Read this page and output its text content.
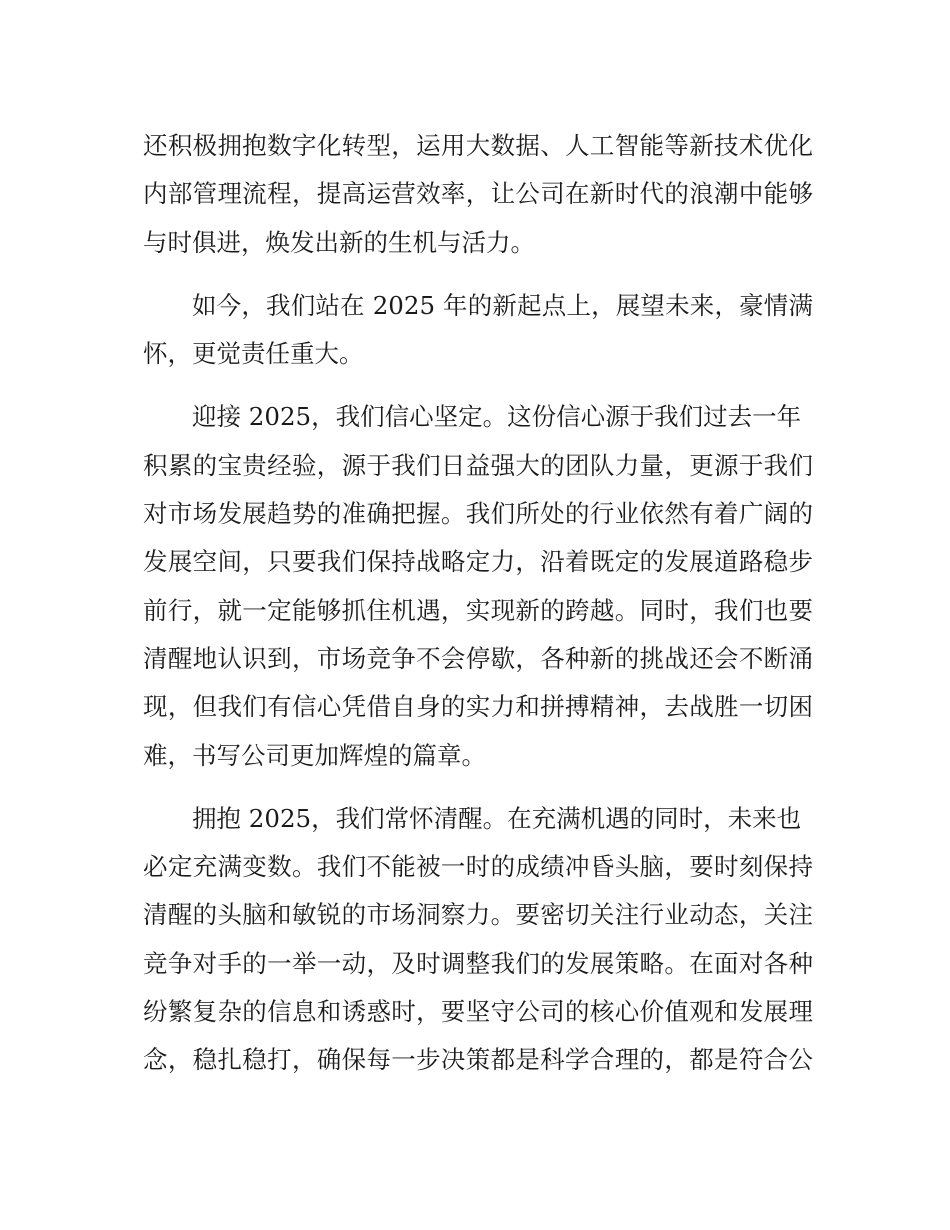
还积极拥抱数字化转型，运用大数据、人工智能等新技术优化
内部管理流程，提高运营效率，让公司在新时代的浪潮中能够
与时俱进，焕发出新的生机与活力。

如今，我们站在 2025 年的新起点上，展望未来，豪情满
怀，更觉责任重大。

迎接 2025，我们信心坚定。这份信心源于我们过去一年
积累的宝贵经验，源于我们日益强大的团队力量，更源于我们
对市场发展趋势的准确把握。我们所处的行业依然有着广阔的
发展空间，只要我们保持战略定力，沿着既定的发展道路稳步
前行，就一定能够抓住机遇，实现新的跨越。同时，我们也要
清醒地认识到，市场竞争不会停歇，各种新的挑战还会不断涌
现，但我们有信心凭借自身的实力和拼搏精神，去战胜一切困
难，书写公司更加辉煌的篇章。

拥抱 2025，我们常怀清醒。在充满机遇的同时，未来也
必定充满变数。我们不能被一时的成绩冲昏头脑，要时刻保持
清醒的头脑和敏锐的市场洞察力。要密切关注行业动态，关注
竞争对手的一举一动，及时调整我们的发展策略。在面对各种
纷繁复杂的信息和诱惑时，要坚守公司的核心价值观和发展理
念，稳扎稳打，确保每一步决策都是科学合理的，都是符合公
